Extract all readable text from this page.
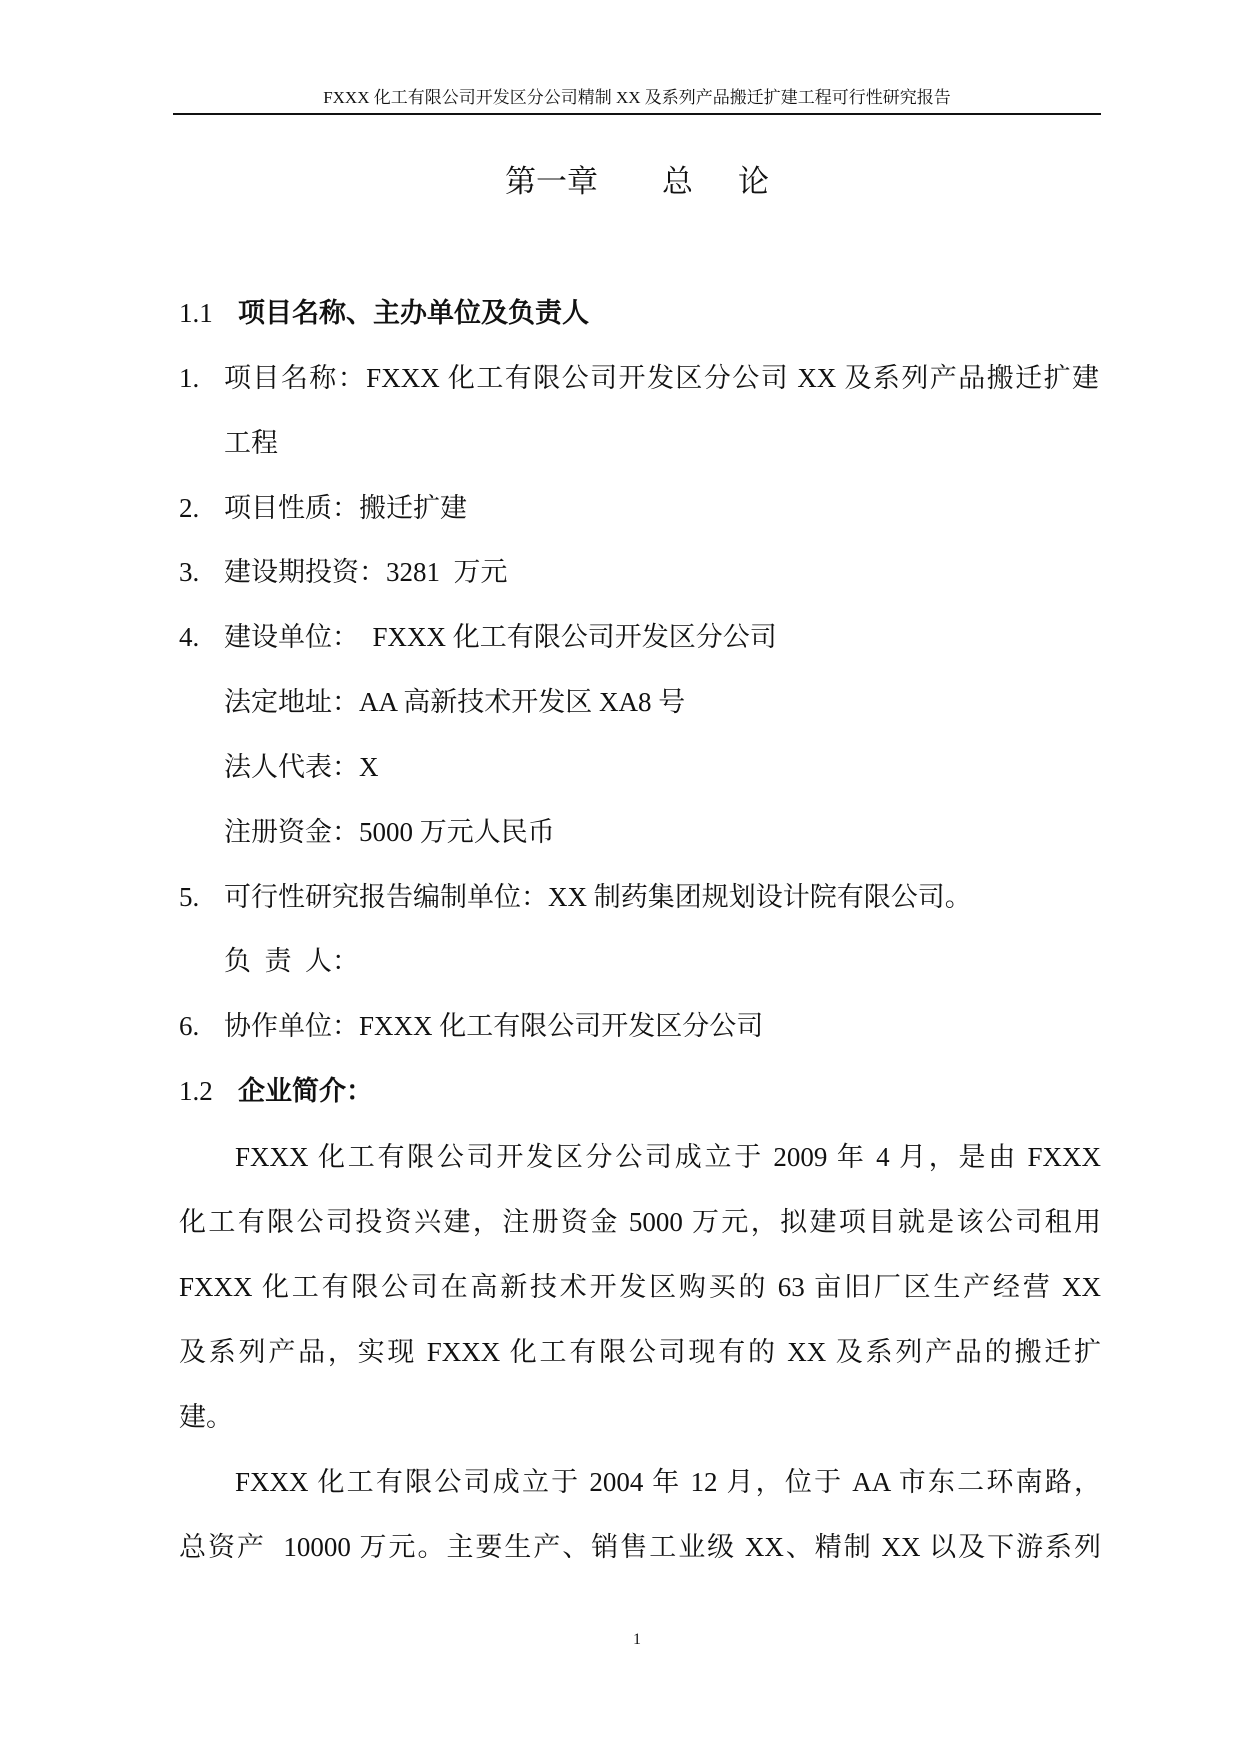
FXXX 化工有限公司开发区分公司精制 XX 及系列产品搬迁扩建工程可行性研究报告
第一章 总 论
1.1 项目名称、主办单位及负责人
1. 项目名称：FXXX 化工有限公司开发区分公司 XX 及系列产品搬迁扩建
工程
2. 项目性质：搬迁扩建
3. 建设期投资：3281  万元
4. 建设单位：  FXXX 化工有限公司开发区分公司
法定地址：AA 高新技术开发区 XA8 号
法人代表：X
注册资金：5000 万元人民币
5. 可行性研究报告编制单位：XX 制药集团规划设计院有限公司。
负  责  人：
6. 协作单位：FXXX 化工有限公司开发区分公司
1.2 企业简介：
FXXX 化工有限公司开发区分公司成立于 2009 年 4 月，是由 FXXX
化工有限公司投资兴建，注册资金 5000 万元，拟建项目就是该公司租用
FXXX 化工有限公司在高新技术开发区购买的 63 亩旧厂区生产经营 XX
及系列产品，实现 FXXX 化工有限公司现有的 XX 及系列产品的搬迁扩
建。
FXXX 化工有限公司成立于 2004 年 12 月，位于 AA 市东二环南路，
总资产  10000 万元。主要生产、销售工业级 XX、精制 XX 以及下游系列
1
